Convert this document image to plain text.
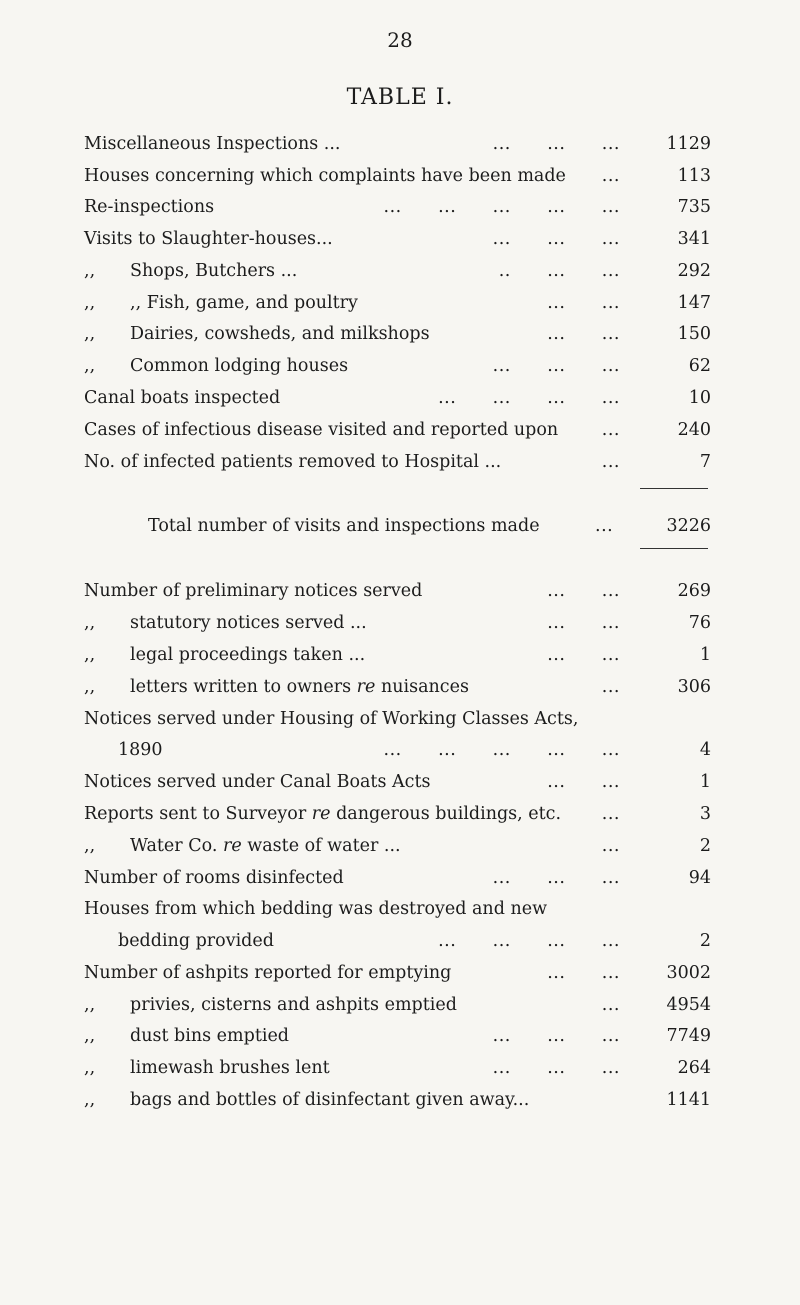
28
TABLE I.
Miscellaneous Inspections ...	...      ...      ...	1129
Houses concerning which complaints have been made ...	113
Re-inspections	...      ...      ...      ...      ...	735
Visits to Slaughter-houses...	...      ...      ...	341
,, Shops, Butchers ...	..      ...      ...	292
,, ,, Fish, game, and poultry	...      ...	147
,, Dairies, cowsheds, and milkshops	...      ...	150
,, Common lodging houses	...      ...      ...	62
Canal boats inspected	...      ...      ...      ...	10
Cases of infectious disease visited and reported upon ...	240
No. of infected patients removed to Hospital ...	...	7
Total number of visits and inspections made	...	3226
Number of preliminary notices served	...      ...	269
,, statutory notices served ...	...      ...	76
,, legal proceedings taken ...	...      ...	1
,, letters written to owners re nuisances	...	306
Notices served under Housing of Working Classes Acts,
1890	...      ...      ...      ...      ...	4
Notices served under Canal Boats Acts	...      ...	1
Reports sent to Surveyor re dangerous buildings, etc. ...	3
,, Water Co. re waste of water ...	...	2
Number of rooms disinfected	...      ...      ...	94
Houses from which bedding was destroyed and new
bedding provided	...      ...      ...      ...	2
Number of ashpits reported for emptying	...      ...	3002
,, privies, cisterns and ashpits emptied	...	4954
,, dust bins emptied	...      ...      ...	7749
,, limewash brushes lent	...      ...      ...	264
,, bags and bottles of disinfectant given away...	1141
